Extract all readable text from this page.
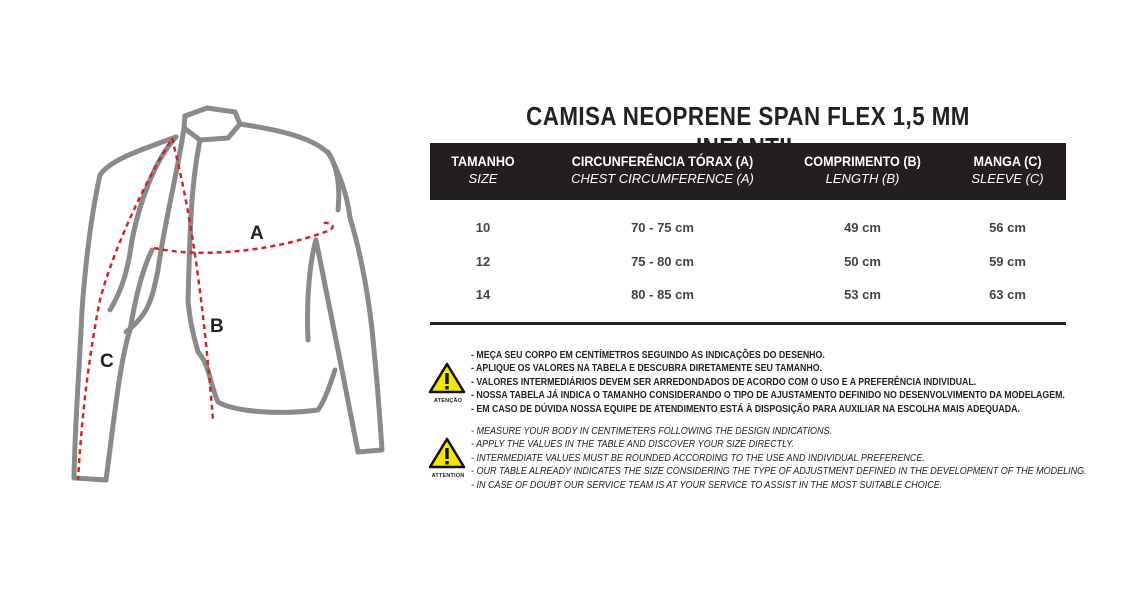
A
B
C
CAMISA NEOPRENE SPAN FLEX 1,5 MM
TAMANHO
SIZE
CIRCUNFERÊNCIA TÓRAX (A)
CHEST CIRCUMFERENCE (A)
COMPRIMENTO (B)
LENGTH (B)
MANGA (C)
SLEEVE (C)
10	70 - 75 cm	49 cm	56 cm
12	75 - 80 cm	50 cm	59 cm
14	80 - 85 cm	53 cm	63 cm
ATENÇÃO
- MEÇA SEU CORPO EM CENTÍMETROS SEGUINDO AS INDICAÇÕES DO DESENHO.
- APLIQUE OS VALORES NA TABELA E DESCUBRA DIRETAMENTE SEU TAMANHO.
- VALORES INTERMEDIÁRIOS DEVEM SER ARREDONDADOS DE ACORDO COM O USO E A PREFERÊNCIA INDIVIDUAL.
- NOSSA TABELA JÁ INDICA O TAMANHO CONSIDERANDO O TIPO DE AJUSTAMENTO DEFINIDO NO DESENVOLVIMENTO DA MODELAGEM.
- EM CASO DE DÚVIDA NOSSA EQUIPE DE ATENDIMENTO ESTÁ À DISPOSIÇÃO PARA AUXILIAR NA ESCOLHA MAIS ADEQUADA.
ATTENTION
- MEASURE YOUR BODY IN CENTIMETERS FOLLOWING THE DESIGN INDICATIONS.
- APPLY THE VALUES IN THE TABLE AND DISCOVER YOUR SIZE DIRECTLY.
- INTERMEDIATE VALUES MUST BE ROUNDED ACCORDING TO THE USE AND INDIVIDUAL PREFERENCE.
- OUR TABLE ALREADY INDICATES THE SIZE CONSIDERING THE TYPE OF ADJUSTMENT DEFINED IN THE DEVELOPMENT OF THE MODELING.
- IN CASE OF DOUBT OUR SERVICE TEAM IS AT YOUR SERVICE TO ASSIST IN THE MOST SUITABLE CHOICE.
